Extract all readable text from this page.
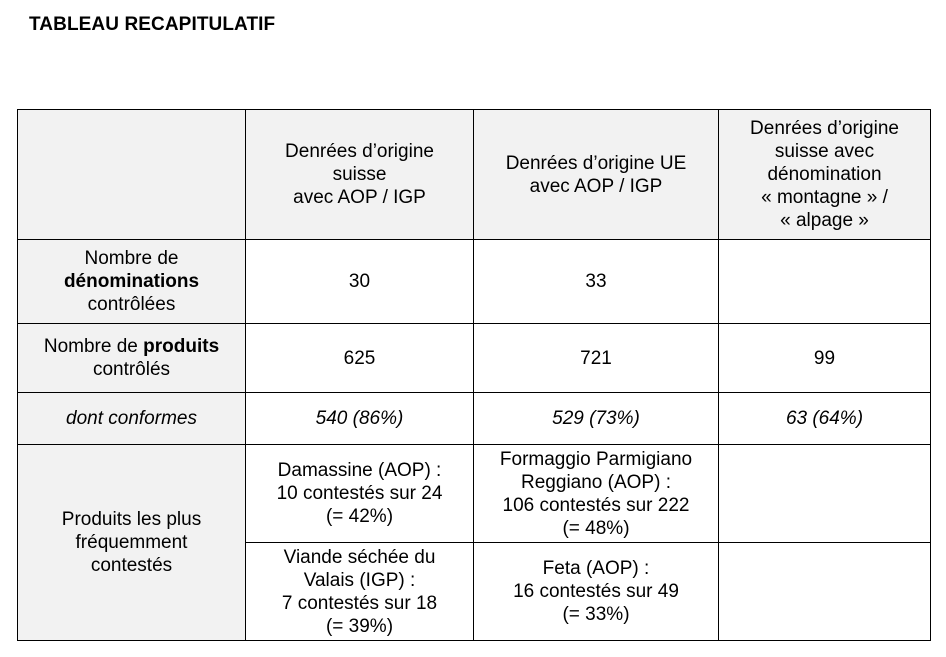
TABLEAU RECAPITULATIF
	Denrées d’origine
suisse
avec AOP / IGP	Denrées d’origine UE
avec AOP / IGP	Denrées d’origine
suisse avec
dénomination
« montagne » /
« alpage »
Nombre de
dénominations
contrôlées	30	33	
Nombre de produits
contrôlés	625	721	99
dont conformes	540 (86%)	529 (73%)	63 (64%)
Produits les plus
fréquemment
contestés	Damassine (AOP) :
10 contestés sur 24
(= 42%)	Formaggio Parmigiano
Reggiano (AOP) :
106 contestés sur 222
(= 48%)	
	Viande séchée du
Valais (IGP) :
7 contestés sur 18
(= 39%)	Feta (AOP) :
16 contestés sur 49
(= 33%)	
